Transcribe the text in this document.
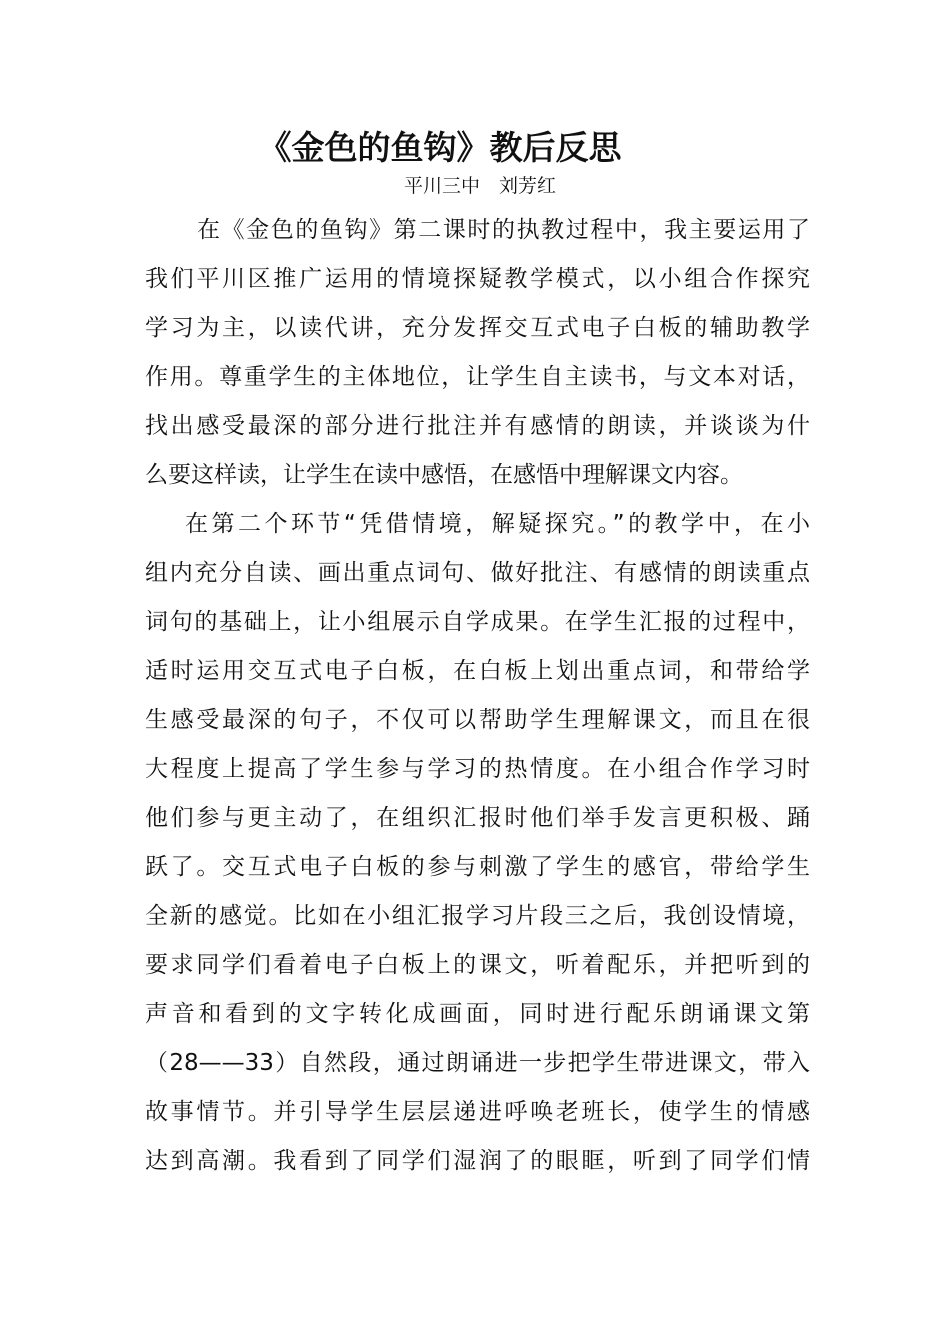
《金色的鱼钩》教后反思
平川三中　刘芳红
在《金色的鱼钩》第二课时的执教过程中，我主要运用了
我们平川区推广运用的情境探疑教学模式，以小组合作探究
学习为主，以读代讲，充分发挥交互式电子白板的辅助教学
作用。尊重学生的主体地位，让学生自主读书，与文本对话，
找出感受最深的部分进行批注并有感情的朗读，并谈谈为什
么要这样读，让学生在读中感悟，在感悟中理解课文内容。
在第二个环节“凭借情境，解疑探究。”的教学中，在小
组内充分自读、画出重点词句、做好批注、有感情的朗读重点
词句的基础上，让小组展示自学成果。在学生汇报的过程中，
适时运用交互式电子白板，在白板上划出重点词，和带给学
生感受最深的句子，不仅可以帮助学生理解课文，而且在很
大程度上提高了学生参与学习的热情度。在小组合作学习时
他们参与更主动了，在组织汇报时他们举手发言更积极、踊
跃了。交互式电子白板的参与刺激了学生的感官，带给学生
全新的感觉。比如在小组汇报学习片段三之后，我创设情境，
要求同学们看着电子白板上的课文，听着配乐，并把听到的
声音和看到的文字转化成画面，同时进行配乐朗诵课文第
（28——33）自然段，通过朗诵进一步把学生带进课文，带入
故事情节。并引导学生层层递进呼唤老班长，使学生的情感
达到高潮。我看到了同学们湿润了的眼眶，听到了同学们情
